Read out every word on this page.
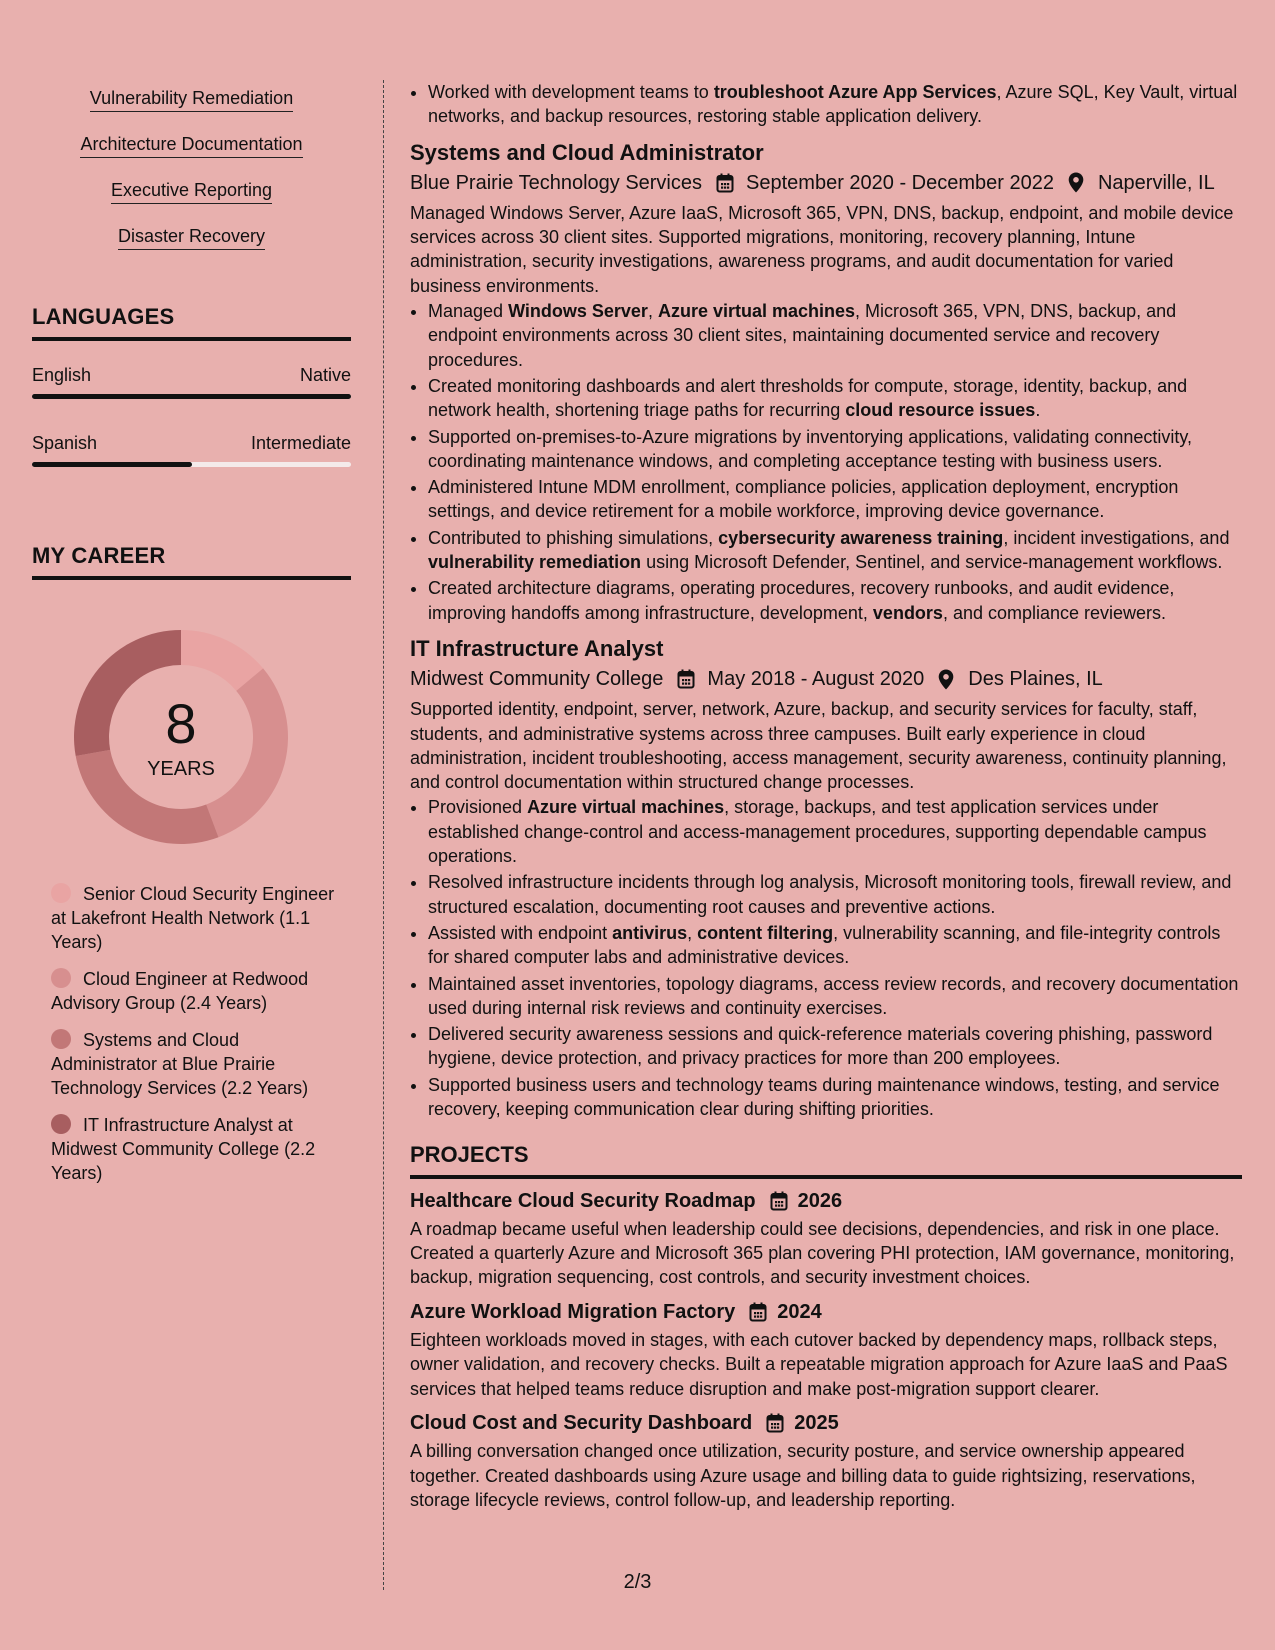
Vulnerability Remediation
Architecture Documentation
Executive Reporting
Disaster Recovery
LANGUAGES
English	Native
Spanish	Intermediate
MY CAREER
8
YEARS
Senior Cloud Security Engineer at Lakefront Health Network (1.1 Years)
Cloud Engineer at Redwood Advisory Group (2.4 Years)
Systems and Cloud Administrator at Blue Prairie Technology Services (2.2 Years)
IT Infrastructure Analyst at Midwest Community College (2.2 Years)
• Worked with development teams to troubleshoot Azure App Services, Azure SQL, Key Vault, virtual networks, and backup resources, restoring stable application delivery.
Systems and Cloud Administrator
Blue Prairie Technology Services September 2020 - December 2022 Naperville, IL

Managed Windows Server, Azure IaaS, Microsoft 365, VPN, DNS, backup, endpoint, and mobile device services across 30 client sites. Supported migrations, monitoring, recovery planning, Intune administration, security investigations, awareness programs, and audit documentation for varied business environments.

• Managed Windows Server, Azure virtual machines, Microsoft 365, VPN, DNS, backup, and endpoint environments across 30 client sites, maintaining documented service and recovery procedures.
• Created monitoring dashboards and alert thresholds for compute, storage, identity, backup, and network health, shortening triage paths for recurring cloud resource issues.
• Supported on-premises-to-Azure migrations by inventorying applications, validating connectivity, coordinating maintenance windows, and completing acceptance testing with business users.
• Administered Intune MDM enrollment, compliance policies, application deployment, encryption settings, and device retirement for a mobile workforce, improving device governance.
• Contributed to phishing simulations, cybersecurity awareness training, incident investigations, and vulnerability remediation using Microsoft Defender, Sentinel, and service-management workflows.
• Created architecture diagrams, operating procedures, recovery runbooks, and audit evidence, improving handoffs among infrastructure, development, vendors, and compliance reviewers.
IT Infrastructure Analyst
Midwest Community College May 2018 - August 2020 Des Plaines, IL

Supported identity, endpoint, server, network, Azure, backup, and security services for faculty, staff, students, and administrative systems across three campuses. Built early experience in cloud administration, incident troubleshooting, access management, security awareness, continuity planning, and control documentation within structured change processes.

• Provisioned Azure virtual machines, storage, backups, and test application services under established change-control and access-management procedures, supporting dependable campus operations.
• Resolved infrastructure incidents through log analysis, Microsoft monitoring tools, firewall review, and structured escalation, documenting root causes and preventive actions.
• Assisted with endpoint antivirus, content filtering, vulnerability scanning, and file-integrity controls for shared computer labs and administrative devices.
• Maintained asset inventories, topology diagrams, access review records, and recovery documentation used during internal risk reviews and continuity exercises.
• Delivered security awareness sessions and quick-reference materials covering phishing, password hygiene, device protection, and privacy practices for more than 200 employees.
• Supported business users and technology teams during maintenance windows, testing, and service recovery, keeping communication clear during shifting priorities.
PROJECTS
Healthcare Cloud Security Roadmap 2026

A roadmap became useful when leadership could see decisions, dependencies, and risk in one place. Created a quarterly Azure and Microsoft 365 plan covering PHI protection, IAM governance, monitoring, backup, migration sequencing, cost controls, and security investment choices.

Azure Workload Migration Factory 2024

Eighteen workloads moved in stages, with each cutover backed by dependency maps, rollback steps, owner validation, and recovery checks. Built a repeatable migration approach for Azure IaaS and PaaS services that helped teams reduce disruption and make post-migration support clearer.

Cloud Cost and Security Dashboard 2025

A billing conversation changed once utilization, security posture, and service ownership appeared together. Created dashboards using Azure usage and billing data to guide rightsizing, reservations, storage lifecycle reviews, control follow-up, and leadership reporting.

2/3
